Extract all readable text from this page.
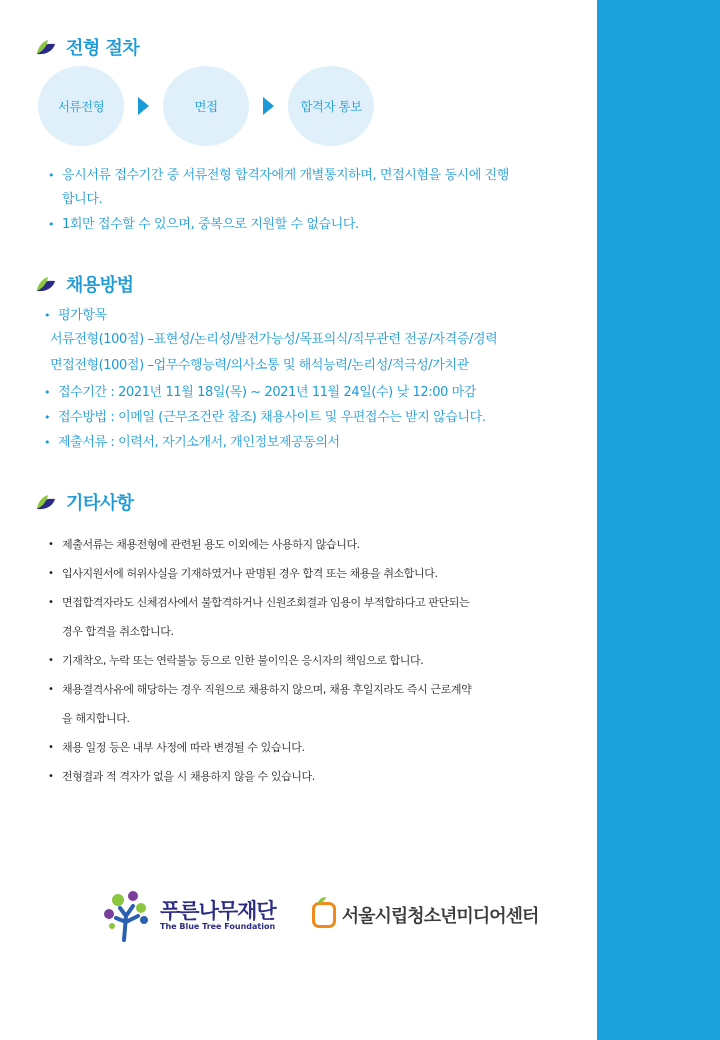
전형 절차
서류전형	면접	합격자 통보
• 응시서류 접수기간 중 서류전형 합격자에게 개별통지하며, 면접시험을 동시에 진행
합니다.
• 1회만 접수할 수 있으며, 중복으로 지원할 수 없습니다.
채용방법
• 평가항목
서류전형(100점) –표현성/논리성/발전가능성/목표의식/직무관련 전공/자격증/경력
면접전형(100점) –업무수행능력/의사소통 및 해석능력/논리성/적극성/가치관
• 접수기간 : 2021년 11월 18일(목) ~ 2021년 11월 24일(수) 낮 12:00 마감
• 접수방법 : 이메일 (근무조건란 참조) 채용사이트 및 우편접수는 받지 않습니다.
• 제출서류 : 이력서, 자기소개서, 개인정보제공동의서
기타사항
• 제출서류는 채용전형에 관련된 용도 이외에는 사용하지 않습니다.
• 입사지원서에 허위사실을 기재하였거나 판명된 경우 합격 또는 채용을 취소합니다.
• 면접합격자라도 신체검사에서 불합격하거나 신원조회결과 임용이 부적합하다고 판단되는
경우 합격을 취소합니다.
• 기재착오, 누락 또는 연락불능 등으로 인한 불이익은 응시자의 책임으로 합니다.
• 채용결격사유에 해당하는 경우 직원으로 채용하지 않으며, 채용 후일지라도 즉시 근로계약
을 해지합니다.
• 채용 일정 등은 내부 사정에 따라 변경될 수 있습니다.
• 전형결과 적 격자가 없을 시 채용하지 않을 수 있습니다.
푸른나무재단
The Blue Tree Foundation	서울시립청소년미디어센터
